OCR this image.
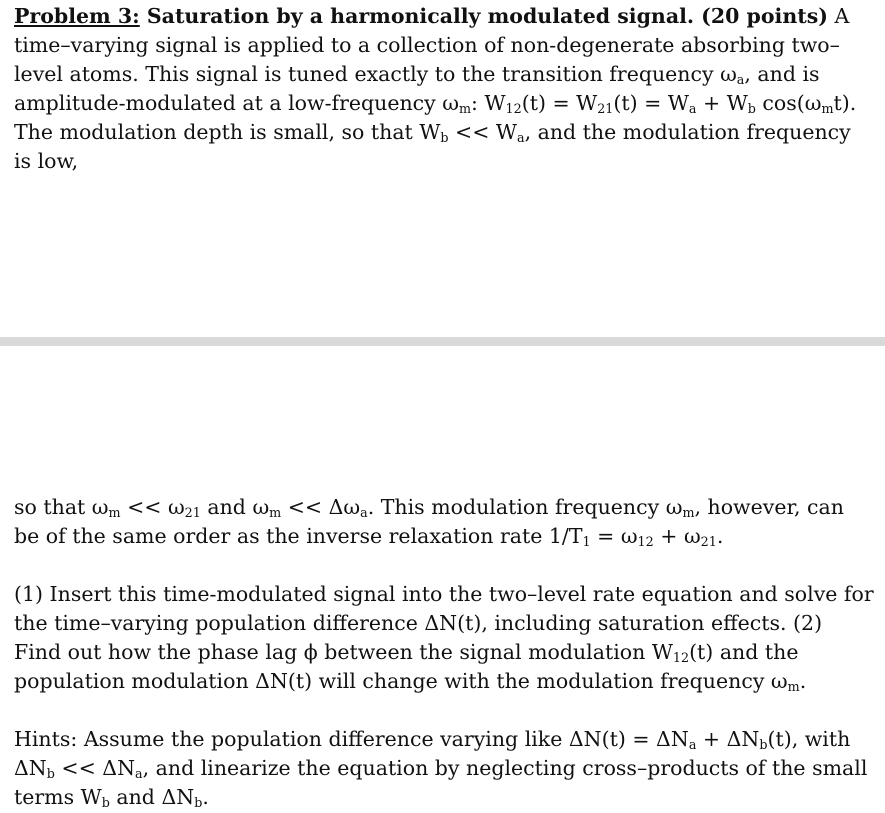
Problem 3: Saturation by a harmonically modulated signal. (20 points) A time–varying signal is applied to a collection of non-degenerate absorbing two–level atoms. This signal is tuned exactly to the transition frequency $\omega_a$, and is amplitude-modulated at a low-frequency $\omega_m$: $W_{12}(t) = W_{21}(t) = W_a + W_b$ $\cos(\omega_mt)$. The modulation depth is small, so that $W_b << W_a$, and the modulation frequency is low,
so that $\omega_m << \omega_{21}$ and $\omega_m << \Delta\omega_a$. This modulation frequency $\omega_m$, however, can be of the same order as the inverse relaxation rate $1/T_1 = \omega_{12} + \omega_{21}$.
(1) Insert this time-modulated signal into the two–level rate equation and solve for the time–varying population difference ΔN(t), including saturation effects. (2) Find out how the phase lag ϕ between the signal modulation $W_{12}(t)$ and the population modulation ΔN(t) will change with the modulation frequency $\omega_m$.
Hints: Assume the population difference varying like $\Delta N(t) = \Delta N_a + \Delta N_b(t)$, with $\Delta N_b << \Delta N_a$, and linearize the equation by neglecting cross–products of the small terms $W_b$ and $\Delta N_b$.
